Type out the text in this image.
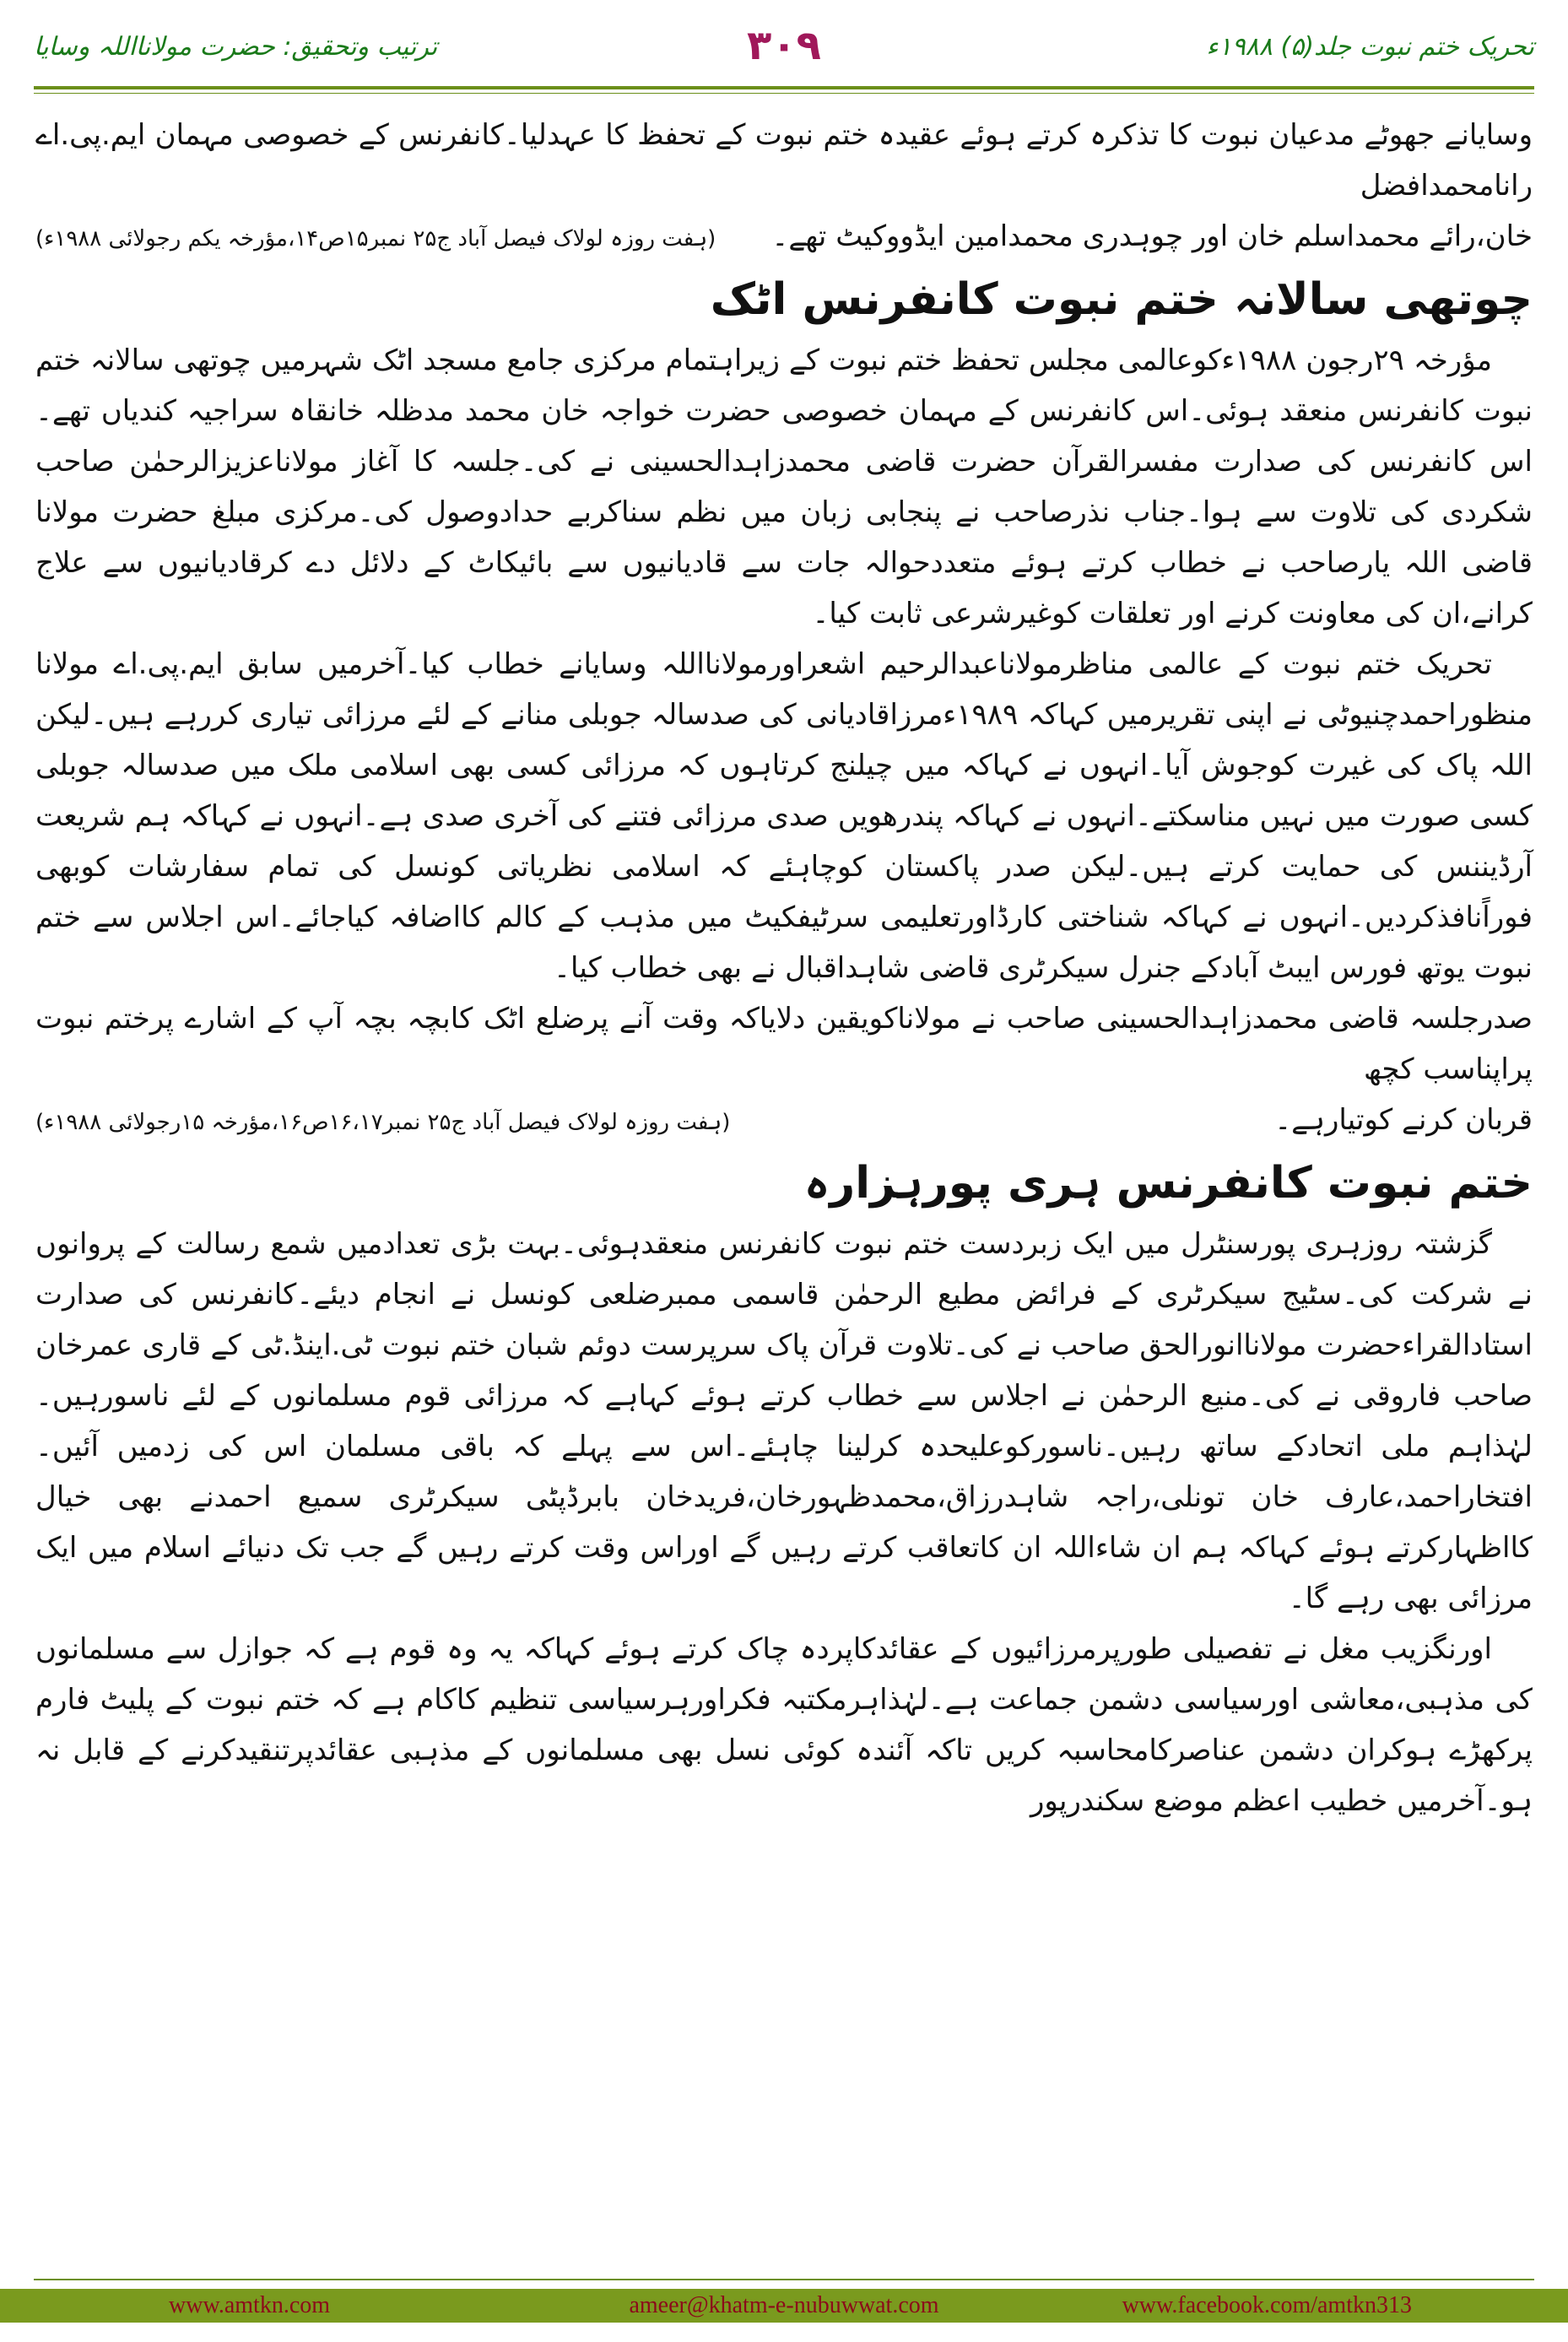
تحریک ختم نبوت جلد(۵) ۱۹۸۸ء
۳۰۹
ترتیب وتحقیق: حضرت مولانااللہ وسایا

وسایانے جھوٹے مدعیان نبوت کا تذکرہ کرتے ہوئے عقیدہ ختم نبوت کے تحفظ کا عہدلیا۔کانفرنس کے خصوصی مہمان ایم.پی.اے رانامحمدافضل

خان،رائے محمداسلم خان اور چوہدری محمدامین ایڈووکیٹ تھے۔
(ہفت روزہ لولاک فیصل آباد ج۲۵ نمبر۱۵ص۱۴،مؤرخہ یکم رجولائی ۱۹۸۸ء)
چوتھی سالانہ ختم نبوت کانفرنس اٹک

مؤرخہ ۲۹رجون ۱۹۸۸ءکوعالمی مجلس تحفظ ختم نبوت کے زیراہتمام مرکزی جامع مسجد اٹک شہرمیں چوتھی سالانہ ختم نبوت کانفرنس منعقد ہوئی۔اس کانفرنس کے مہمان خصوصی حضرت خواجہ خان محمد مدظلہ خانقاہ سراجیہ کندیاں تھے۔اس کانفرنس کی صدارت مفسرالقرآن حضرت قاضی محمدزاہدالحسینی نے کی۔جلسہ کا آغاز مولاناعزیزالرحمٰن صاحب شکردی کی تلاوت سے ہوا۔جناب نذرصاحب نے پنجابی زبان میں نظم سناکربے حدادوصول کی۔مرکزی مبلغ حضرت مولانا قاضی اللہ یارصاحب نے خطاب کرتے ہوئے متعددحوالہ جات سے قادیانیوں سے بائیکاٹ کے دلائل دے کرقادیانیوں سے علاج کرانے،ان کی معاونت کرنے اور تعلقات کوغیرشرعی ثابت کیا۔

تحریک ختم نبوت کے عالمی مناظرمولاناعبدالرحیم اشعراورمولانااللہ وسایانے خطاب کیا۔آخرمیں سابق ایم.پی.اے مولانا منظوراحمدچنیوٹی نے اپنی تقریرمیں کہاکہ ۱۹۸۹ءمرزاقادیانی کی صدسالہ جوبلی منانے کے لئے مرزائی تیاری کررہے ہیں۔لیکن اللہ پاک کی غیرت کوجوش آیا۔انہوں نے کہاکہ میں چیلنج کرتاہوں کہ مرزائی کسی بھی اسلامی ملک میں صدسالہ جوبلی کسی صورت میں نہیں مناسکتے۔انہوں نے کہاکہ پندرھویں صدی مرزائی فتنے کی آخری صدی ہے۔انہوں نے کہاکہ ہم شریعت آرڈیننس کی حمایت کرتے ہیں۔لیکن صدر پاکستان کوچاہئے کہ اسلامی نظریاتی کونسل کی تمام سفارشات کوبھی فوراًنافذکردیں۔انہوں نے کہاکہ شناختی کارڈاورتعلیمی سرٹیفکیٹ میں مذہب کے کالم کااضافہ کیاجائے۔اس اجلاس سے ختم نبوت یوتھ فورس ایبٹ آبادکے جنرل سیکرٹری قاضی شاہداقبال نے بھی خطاب کیا۔

صدرجلسہ قاضی محمدزاہدالحسینی صاحب نے مولاناکویقین دلایاکہ وقت آنے پرضلع اٹک کابچہ بچہ آپ کے اشارے پرختم نبوت پراپناسب کچھ

قربان کرنے کوتیارہے۔
(ہفت روزہ لولاک فیصل آباد ج۲۵ نمبر۱۶،۱۷ص۱۶،مؤرخہ ۱۵رجولائی ۱۹۸۸ء)
ختم نبوت کانفرنس ہری پورہزارہ

گزشتہ روزہری پورسنٹرل میں ایک زبردست ختم نبوت کانفرنس منعقدہوئی۔بہت بڑی تعدادمیں شمع رسالت کے پروانوں نے شرکت کی۔سٹیج سیکرٹری کے فرائض مطیع الرحمٰن قاسمی ممبرضلعی کونسل نے انجام دیئے۔کانفرنس کی صدارت استادالقراءحضرت مولاناانورالحق صاحب نے کی۔تلاوت قرآن پاک سرپرست دوئم شبان ختم نبوت ٹی.اینڈ.ٹی کے قاری عمرخان صاحب فاروقی نے کی۔منیع الرحمٰن نے اجلاس سے خطاب کرتے ہوئے کہاہے کہ مرزائی قوم مسلمانوں کے لئے ناسورہیں۔لہٰذاہم ملی اتحادکے ساتھ رہیں۔ناسورکوعلیحدہ کرلینا چاہئے۔اس سے پہلے کہ باقی مسلمان اس کی زدمیں آئیں۔افتخاراحمد،عارف خان تونلی،راجہ شاہدرزاق،محمدظہورخان،فریدخان بابرڈپٹی سیکرٹری سمیع احمدنے بھی خیال کااظہارکرتے ہوئے کہاکہ ہم ان شاءاللہ ان کاتعاقب کرتے رہیں گے اوراس وقت کرتے رہیں گے جب تک دنیائے اسلام میں ایک مرزائی بھی رہے گا۔

اورنگزیب مغل نے تفصیلی طورپرمرزائیوں کے عقائدکاپردہ چاک کرتے ہوئے کہاکہ یہ وہ قوم ہے کہ جوازل سے مسلمانوں کی مذہبی،معاشی اورسیاسی دشمن جماعت ہے۔لہٰذاہرمکتبہ فکراورہرسیاسی تنظیم کاکام ہے کہ ختم نبوت کے پلیٹ فارم پرکھڑے ہوکران دشمن عناصرکامحاسبہ کریں تاکہ آئندہ کوئی نسل بھی مسلمانوں کے مذہبی عقائدپرتنقیدکرنے کے قابل نہ ہو۔آخرمیں خطیب اعظم موضع سکندرپور

www.amtkn.com	ameer@khatm-e-nubuwwat.com	www.facebook.com/amtkn313
